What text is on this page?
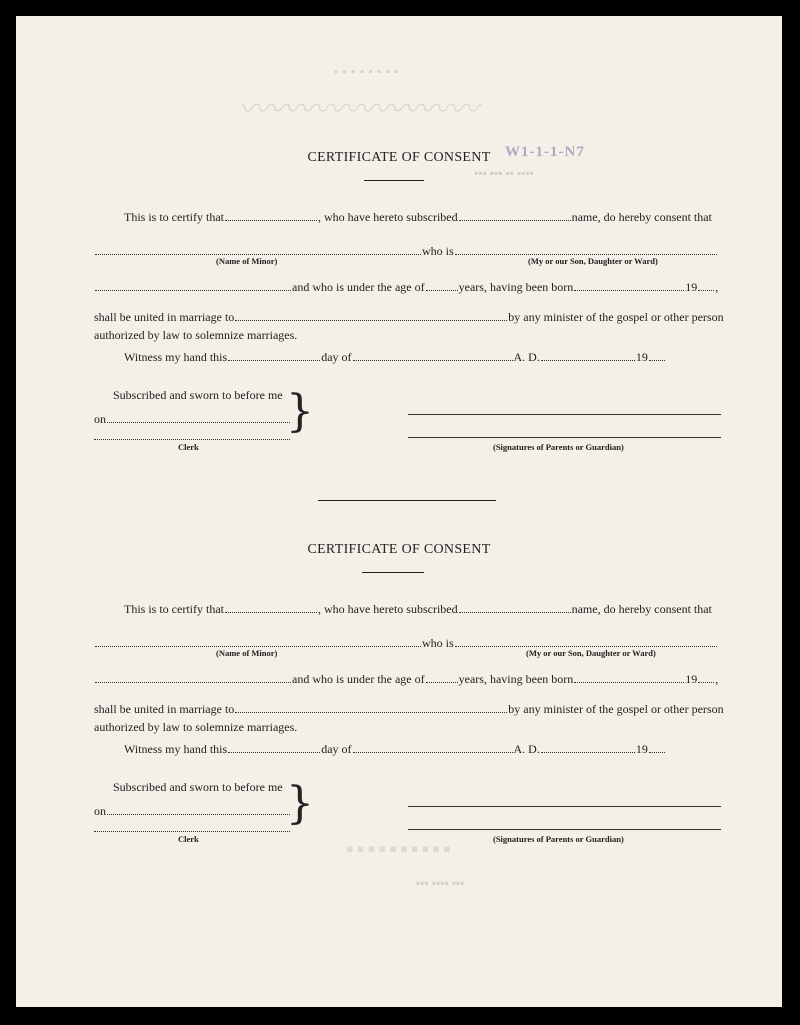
▪ ▪ ▪ ▪ ▪ ▪ ▪ ▪
〰〰〰〰〰〰〰〰
▪▪▪ ▪▪▪ ▪▪ ▪▪▪▪
▪▪▪▪▪▪▪▪▪▪
▪▪▪ ▪▪▪▪ ▪▪▪
W1-1-1-N7
CERTIFICATE OF CONSENT
This is to certify that	, who have hereto subscribed	name, do hereby consent that
who is
(Name of Minor)	(My or our Son, Daughter or Ward)
and who is under the age of	years, having been born	19 ,
shall be united in marriage to	by any minister of the gospel or other person
authorized by law to solemnize marriages.
Witness my hand this	day of	A. D.	19
Subscribed and sworn to before me
on
Clerk
}
(Signatures of Parents or Guardian)
CERTIFICATE OF CONSENT
This is to certify that	, who have hereto subscribed	name, do hereby consent that
who is
(Name of Minor)	(My or our Son, Daughter or Ward)
and who is under the age of	years, having been born	19 ,
shall be united in marriage to	by any minister of the gospel or other person
authorized by law to solemnize marriages.
Witness my hand this	day of	A. D.	19
Subscribed and sworn to before me
on
Clerk
}
(Signatures of Parents or Guardian)
